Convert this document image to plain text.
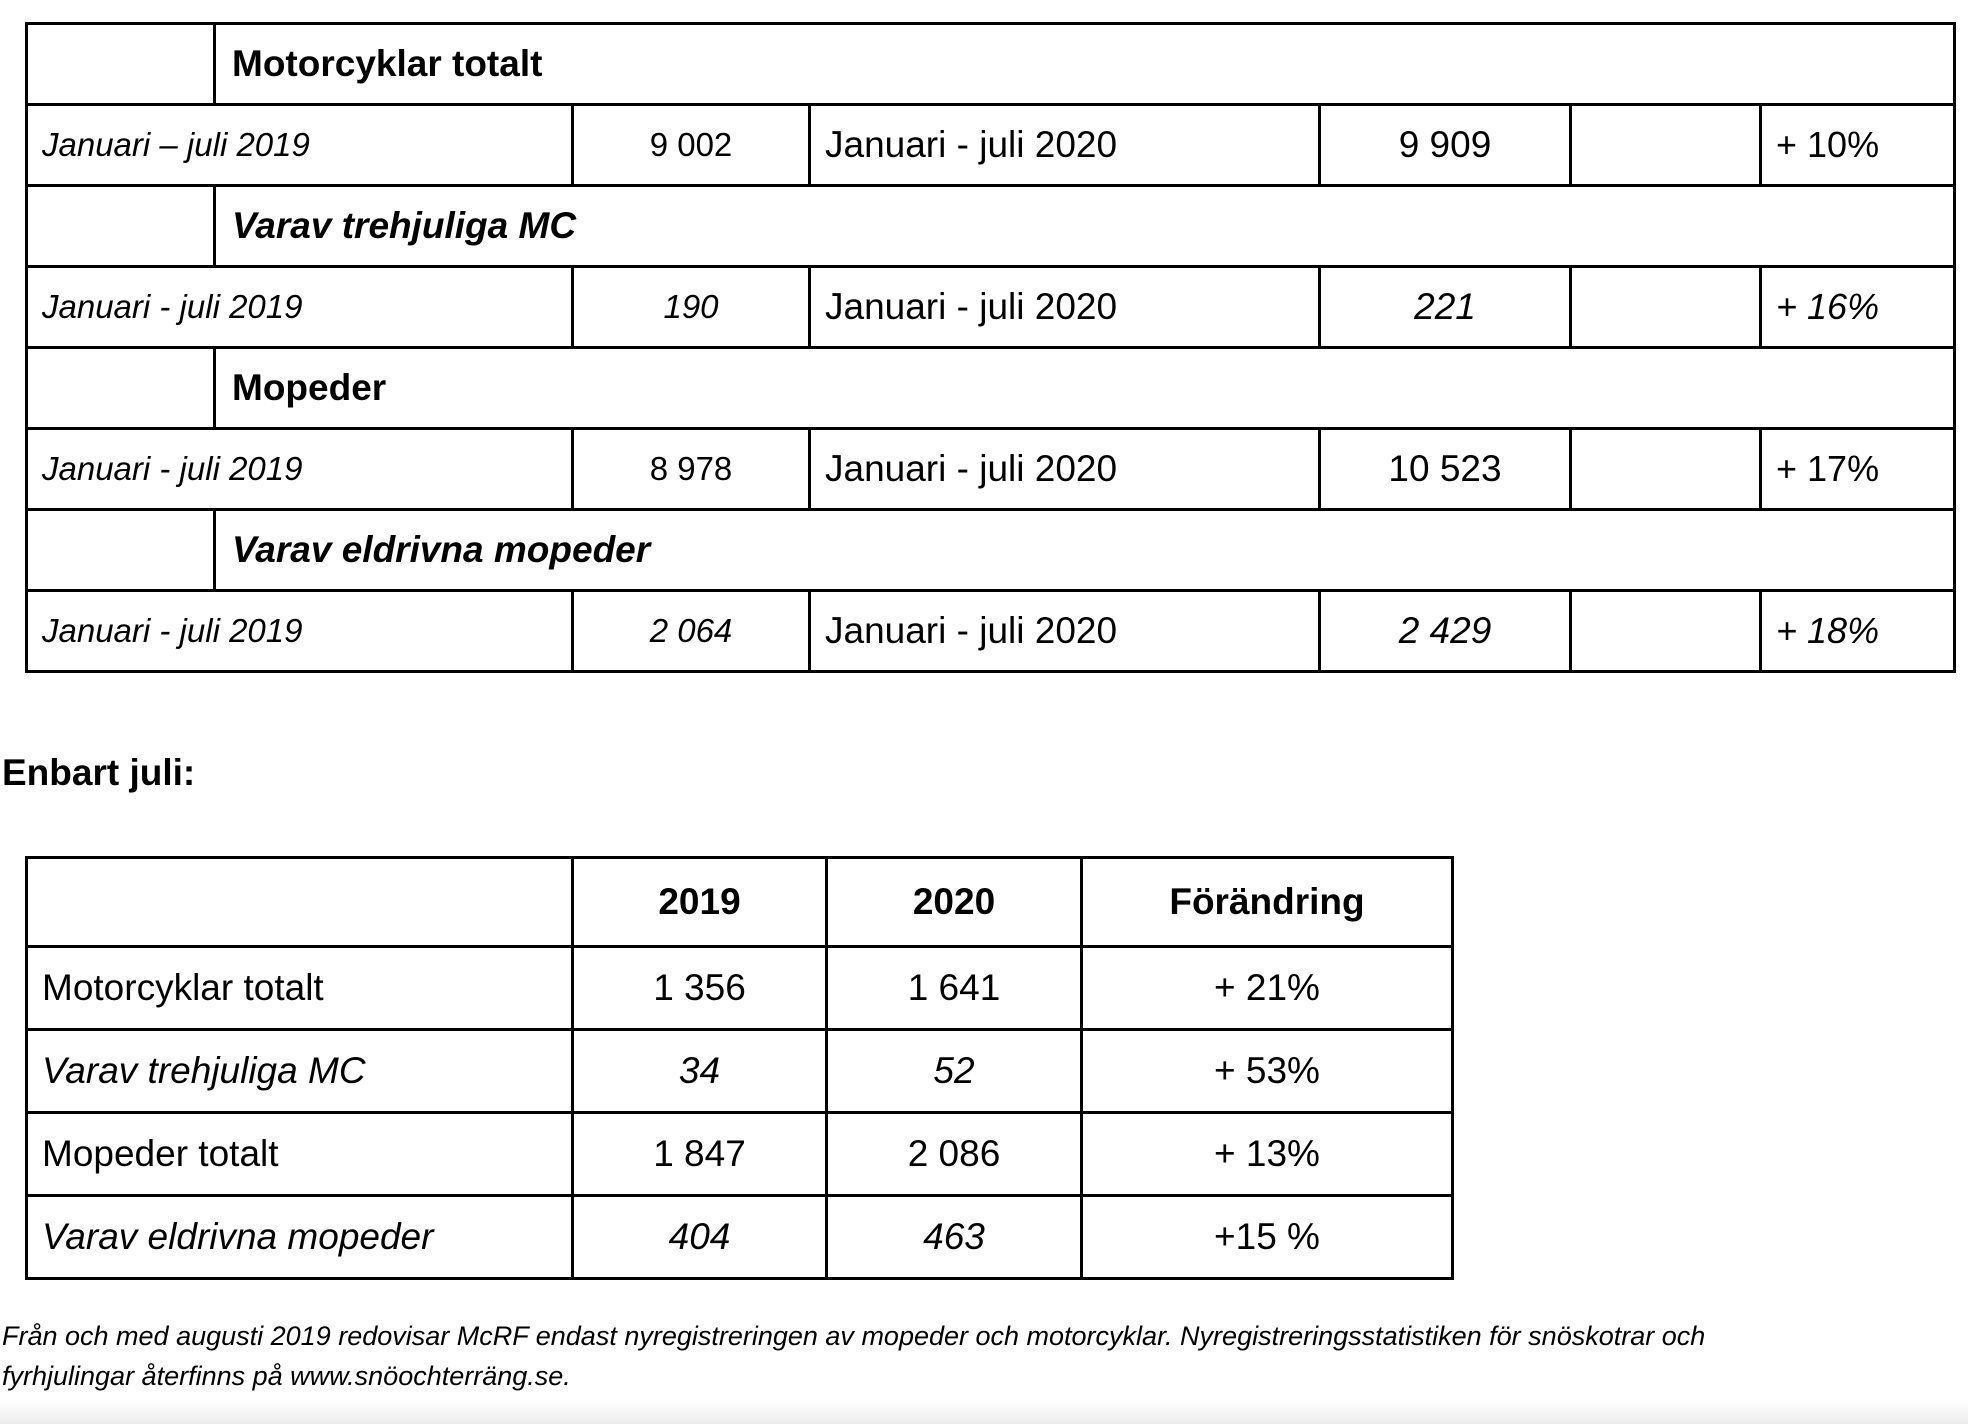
	Motorcyklar totalt					
Januari – juli 2019		9 002	Januari - juli 2020	9 909		+ 10%
	Varav trehjuliga MC					
Januari - juli 2019		190	Januari - juli 2020	221		+ 16%
	Mopeder					
Januari - juli 2019		8 978	Januari - juli 2020	10 523		+ 17%
	Varav eldrivna mopeder					
Januari - juli 2019		2 064	Januari - juli 2020	2 429		+ 18%
Enbart juli:
	2019	2020	Förändring
Motorcyklar totalt	1 356	1 641	+ 21%
Varav trehjuliga MC	34	52	+ 53%
Mopeder totalt	1 847	2 086	+ 13%
Varav eldrivna mopeder	404	463	+15 %

Från och med augusti 2019 redovisar McRF endast nyregistreringen av mopeder och motorcyklar. Nyregistreringsstatistiken för snöskotrar och
fyrhjulingar återfinns på www.snöochterräng.se.
